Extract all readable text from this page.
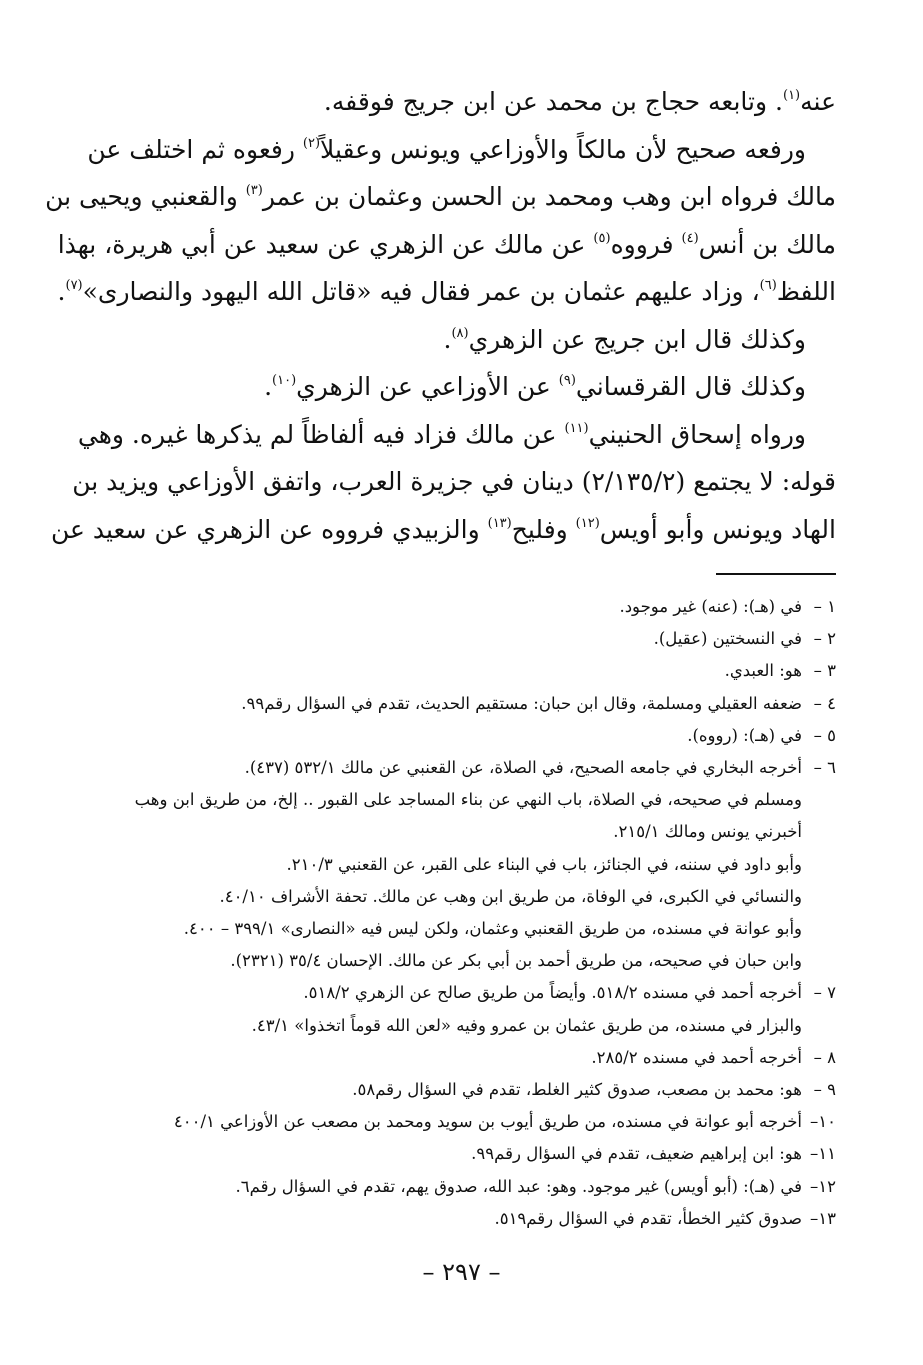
عنه$^{(١)}$. وتابعه حجاج بن محمد عن ابن جريج فوقفه.

ورفعه صحيح لأن مالكاً والأوزاعي ويونس وعقيلاً$^{(٢)}$ رفعوه ثم اختلف عن

مالك فرواه ابن وهب ومحمد بن الحسن وعثمان بن عمر$^{(٣)}$ والقعنبي ويحيى بن

مالك بن أنس$^{(٤)}$ فرووه$^{(٥)}$ عن مالك عن الزهري عن سعيد عن أبي هريرة، بهذا

اللفظ$^{(٦)}$، وزاد عليهم عثمان بن عمر فقال فيه «قاتل الله اليهود والنصارى»$^{(٧)}$.

وكذلك قال ابن جريج عن الزهري$^{(٨)}$.

وكذلك قال القرقساني$^{(٩)}$ عن الأوزاعي عن الزهري$^{(١٠)}$.

ورواه إسحاق الحنيني$^{(١١)}$ عن مالك فزاد فيه ألفاظاً لم يذكرها غيره. وهي

قوله: لا يجتمع (٢/١٣٥/٢) دينان في جزيرة العرب، واتفق الأوزاعي ويزيد بن

الهاد ويونس وأبو أويس$^{(١٢)}$ وفليح$^{(١٣)}$ والزبيدي فرووه عن الزهري عن سعيد عن

١ –في (هـ): (عنه) غير موجود.
٢ –في النسختين (عقيل).
٣ –هو: العبدي.
٤ –ضعفه العقيلي ومسلمة، وقال ابن حبان: مستقيم الحديث، تقدم في السؤال رقم٩٩.
٥ –في (هـ): (رووه).
٦ –أخرجه البخاري في جامعه الصحيح، في الصلاة، عن القعنبي عن مالك ٥٣٢/١ (٤٣٧).
ومسلم في صحيحه، في الصلاة، باب النهي عن بناء المساجد على القبور .. إلخ، من طريق ابن وهب
أخبرني يونس ومالك ٢١٥/١.
وأبو داود في سننه، في الجنائز، باب في البناء على القبر، عن القعنبي ٢١٠/٣.
والنسائي في الكبرى، في الوفاة، من طريق ابن وهب عن مالك. تحفة الأشراف ٤٠/١٠.
وأبو عوانة في مسنده، من طريق القعنبي وعثمان، ولكن ليس فيه «النصارى» ٣٩٩/١ – ٤٠٠.
وابن حبان في صحيحه، من طريق أحمد بن أبي بكر عن مالك. الإحسان ٣٥/٤ (٢٣٢١).
٧ –أخرجه أحمد في مسنده ٥١٨/٢. وأيضاً من طريق صالح عن الزهري ٥١٨/٢.
والبزار في مسنده، من طريق عثمان بن عمرو وفيه «لعن الله قوماً اتخذوا» ٤٣/١.
٨ –أخرجه أحمد في مسنده ٢٨٥/٢.
٩ –هو: محمد بن مصعب، صدوق كثير الغلط، تقدم في السؤال رقم٥٨.
١٠–أخرجه أبو عوانة في مسنده، من طريق أيوب بن سويد ومحمد بن مصعب عن الأوزاعي ٤٠٠/١
١١–هو: ابن إبراهيم ضعيف، تقدم في السؤال رقم٩٩.
١٢–في (هـ): (أبو أويس) غير موجود. وهو: عبد الله، صدوق يهم، تقدم في السؤال رقم٦.
١٣–صدوق كثير الخطأ، تقدم في السؤال رقم٥١٩.
– ٢٩٧ –
